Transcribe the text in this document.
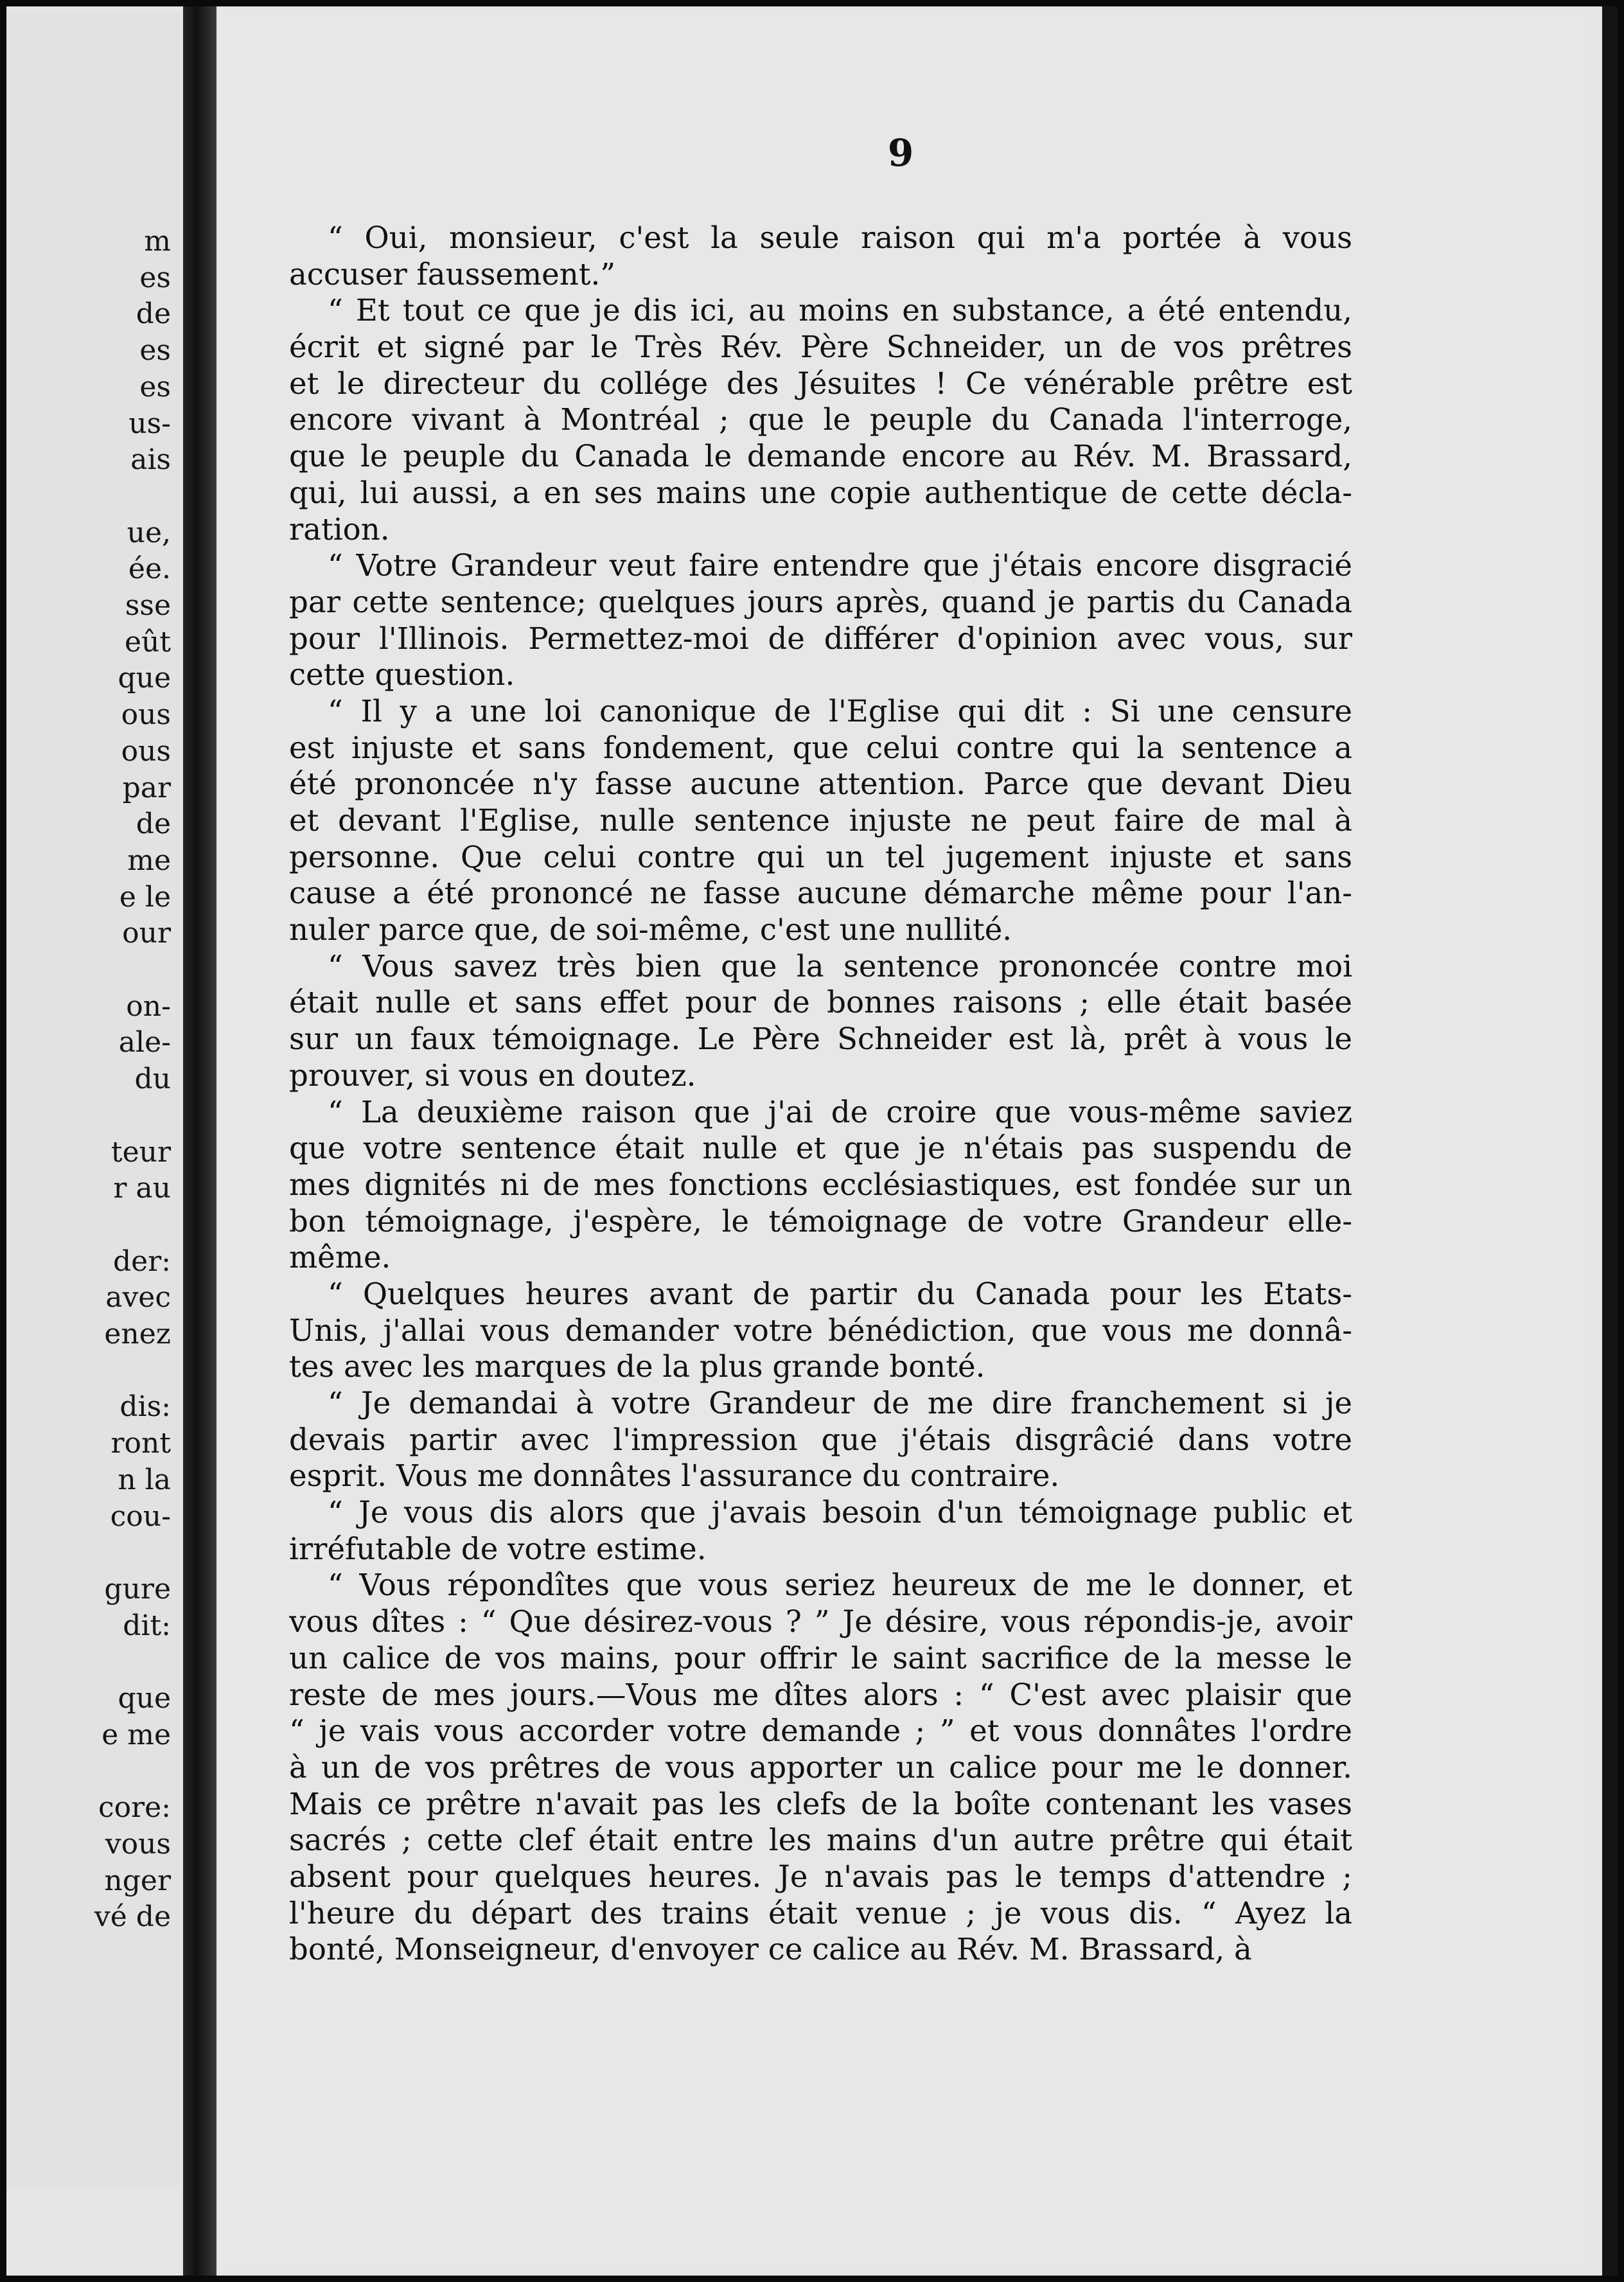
m

es

de

es

es

us-

ais

ue,

ée.

sse

eût

que

ous

ous

par

de

me

e le

our

on-

ale-

du

teur

r au

der:

avec

enez

dis:

ront

n la

cou-

gure

dit:

que

e me

core:

vous

nger

vé de

9
“ Oui, monsieur, c'est la seule raison qui m'a portée à vous
accuser faussement.”
“ Et tout ce que je dis ici, au moins en substance, a été entendu,
écrit et signé par le Très Rév. Père Schneider, un de vos prêtres
et le directeur du collége des Jésuites ! Ce vénérable prêtre est
encore vivant à Montréal ; que le peuple du Canada l'interroge,
que le peuple du Canada le demande encore au Rév. M. Brassard,
qui, lui aussi, a en ses mains une copie authentique de cette décla-
ration.
“ Votre Grandeur veut faire entendre que j'étais encore disgracié
par cette sentence; quelques jours après, quand je partis du Canada
pour l'Illinois. Permettez-moi de différer d'opinion avec vous, sur
cette question.
“ Il y a une loi canonique de l'Eglise qui dit : Si une censure
est injuste et sans fondement, que celui contre qui la sentence a
été prononcée n'y fasse aucune attention. Parce que devant Dieu
et devant l'Eglise, nulle sentence injuste ne peut faire de mal à
personne. Que celui contre qui un tel jugement injuste et sans
cause a été prononcé ne fasse aucune démarche même pour l'an-
nuler parce que, de soi-même, c'est une nullité.
“ Vous savez très bien que la sentence prononcée contre moi
était nulle et sans effet pour de bonnes raisons ; elle était basée
sur un faux témoignage. Le Père Schneider est là, prêt à vous le
prouver, si vous en doutez.
“ La deuxième raison que j'ai de croire que vous-même saviez
que votre sentence était nulle et que je n'étais pas suspendu de
mes dignités ni de mes fonctions ecclésiastiques, est fondée sur un
bon témoignage, j'espère, le témoignage de votre Grandeur elle-
même.
“ Quelques heures avant de partir du Canada pour les Etats-
Unis, j'allai vous demander votre bénédiction, que vous me donnâ-
tes avec les marques de la plus grande bonté.
“ Je demandai à votre Grandeur de me dire franchement si je
devais partir avec l'impression que j'étais disgrâcié dans votre
esprit. Vous me donnâtes l'assurance du contraire.
“ Je vous dis alors que j'avais besoin d'un témoignage public et
irréfutable de votre estime.
“ Vous répondîtes que vous seriez heureux de me le donner, et
vous dîtes : “ Que désirez-vous ? ” Je désire, vous répondis-je, avoir
un calice de vos mains, pour offrir le saint sacrifice de la messe le
reste de mes jours.—Vous me dîtes alors : “ C'est avec plaisir que
“ je vais vous accorder votre demande ; ” et vous donnâtes l'ordre
à un de vos prêtres de vous apporter un calice pour me le donner.
Mais ce prêtre n'avait pas les clefs de la boîte contenant les vases
sacrés ; cette clef était entre les mains d'un autre prêtre qui était
absent pour quelques heures. Je n'avais pas le temps d'attendre ;
l'heure du départ des trains était venue ; je vous dis. “ Ayez la
bonté, Monseigneur, d'envoyer ce calice au Rév. M. Brassard, à
